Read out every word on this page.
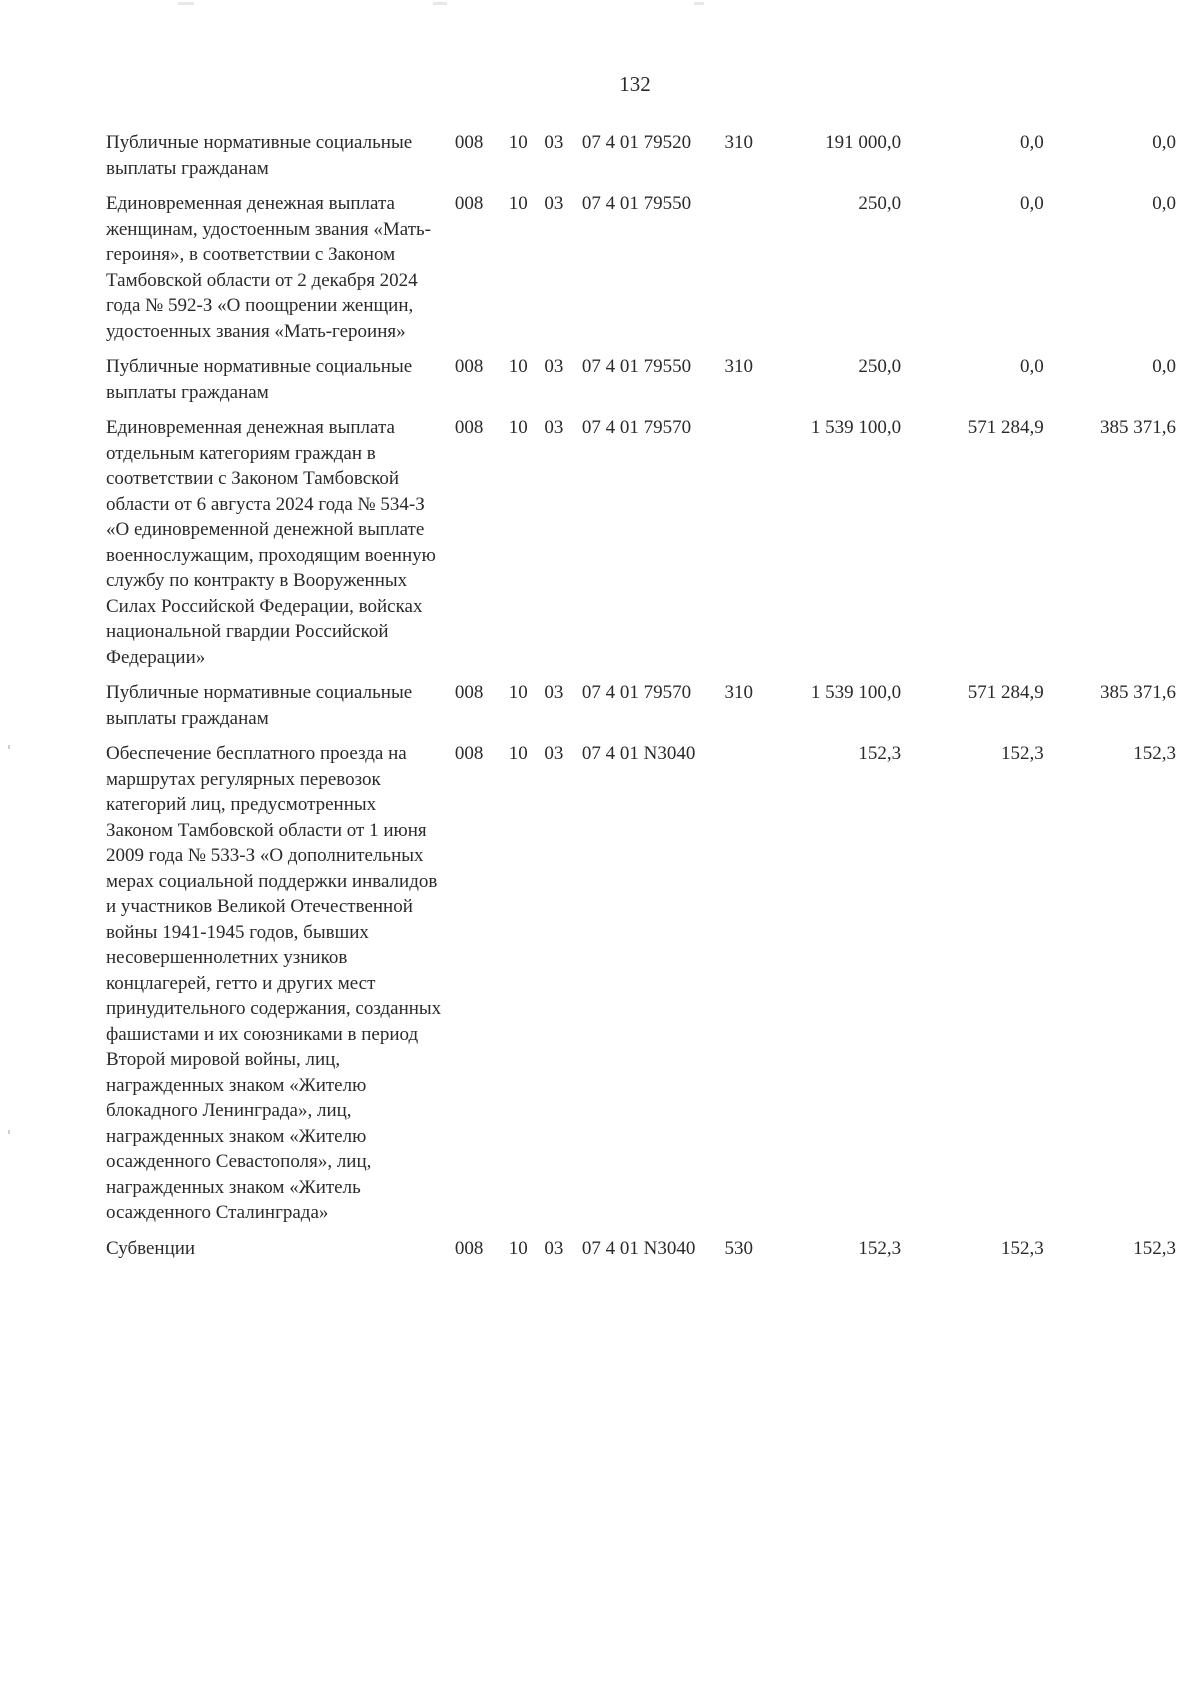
132
Публичные нормативные социальные выплаты гражданам	008	10	03	07 4 01 79520	310	191 000,0	0,0	0,0
Единовременная денежная выплата женщинам, удостоенным звания «Мать-героиня», в соответствии с Законом Тамбовской области от 2 декабря 2024 года № 592-З «О поощрении женщин, удостоенных звания «Мать-героиня»	008	10	03	07 4 01 79550		250,0	0,0	0,0
Публичные нормативные социальные выплаты гражданам	008	10	03	07 4 01 79550	310	250,0	0,0	0,0
Единовременная денежная выплата отдельным категориям граждан в соответствии с Законом Тамбовской области от 6 августа 2024 года № 534-З «О единовременной денежной выплате военнослужащим, проходящим военную службу по контракту в Вооруженных Силах Российской Федерации, войсках национальной гвардии Российской Федерации»	008	10	03	07 4 01 79570		1 539 100,0	571 284,9	385 371,6
Публичные нормативные социальные выплаты гражданам	008	10	03	07 4 01 79570	310	1 539 100,0	571 284,9	385 371,6
Обеспечение бесплатного проезда на маршрутах регулярных перевозок категорий лиц, предусмотренных Законом Тамбовской области от 1 июня 2009 года № 533-З «О дополнительных мерах социальной поддержки инвалидов и участников Великой Отечественной войны 1941-1945 годов, бывших несовершеннолетних узников концлагерей, гетто и других мест принудительного содержания, созданных фашистами и их союзниками в период Второй мировой войны, лиц, награжденных знаком «Жителю блокадного Ленинграда», лиц, награжденных знаком «Жителю осажденного Севастополя», лиц, награжденных знаком «Житель осажденного Сталинграда»	008	10	03	07 4 01 N3040		152,3	152,3	152,3
Субвенции	008	10	03	07 4 01 N3040	530	152,3	152,3	152,3
